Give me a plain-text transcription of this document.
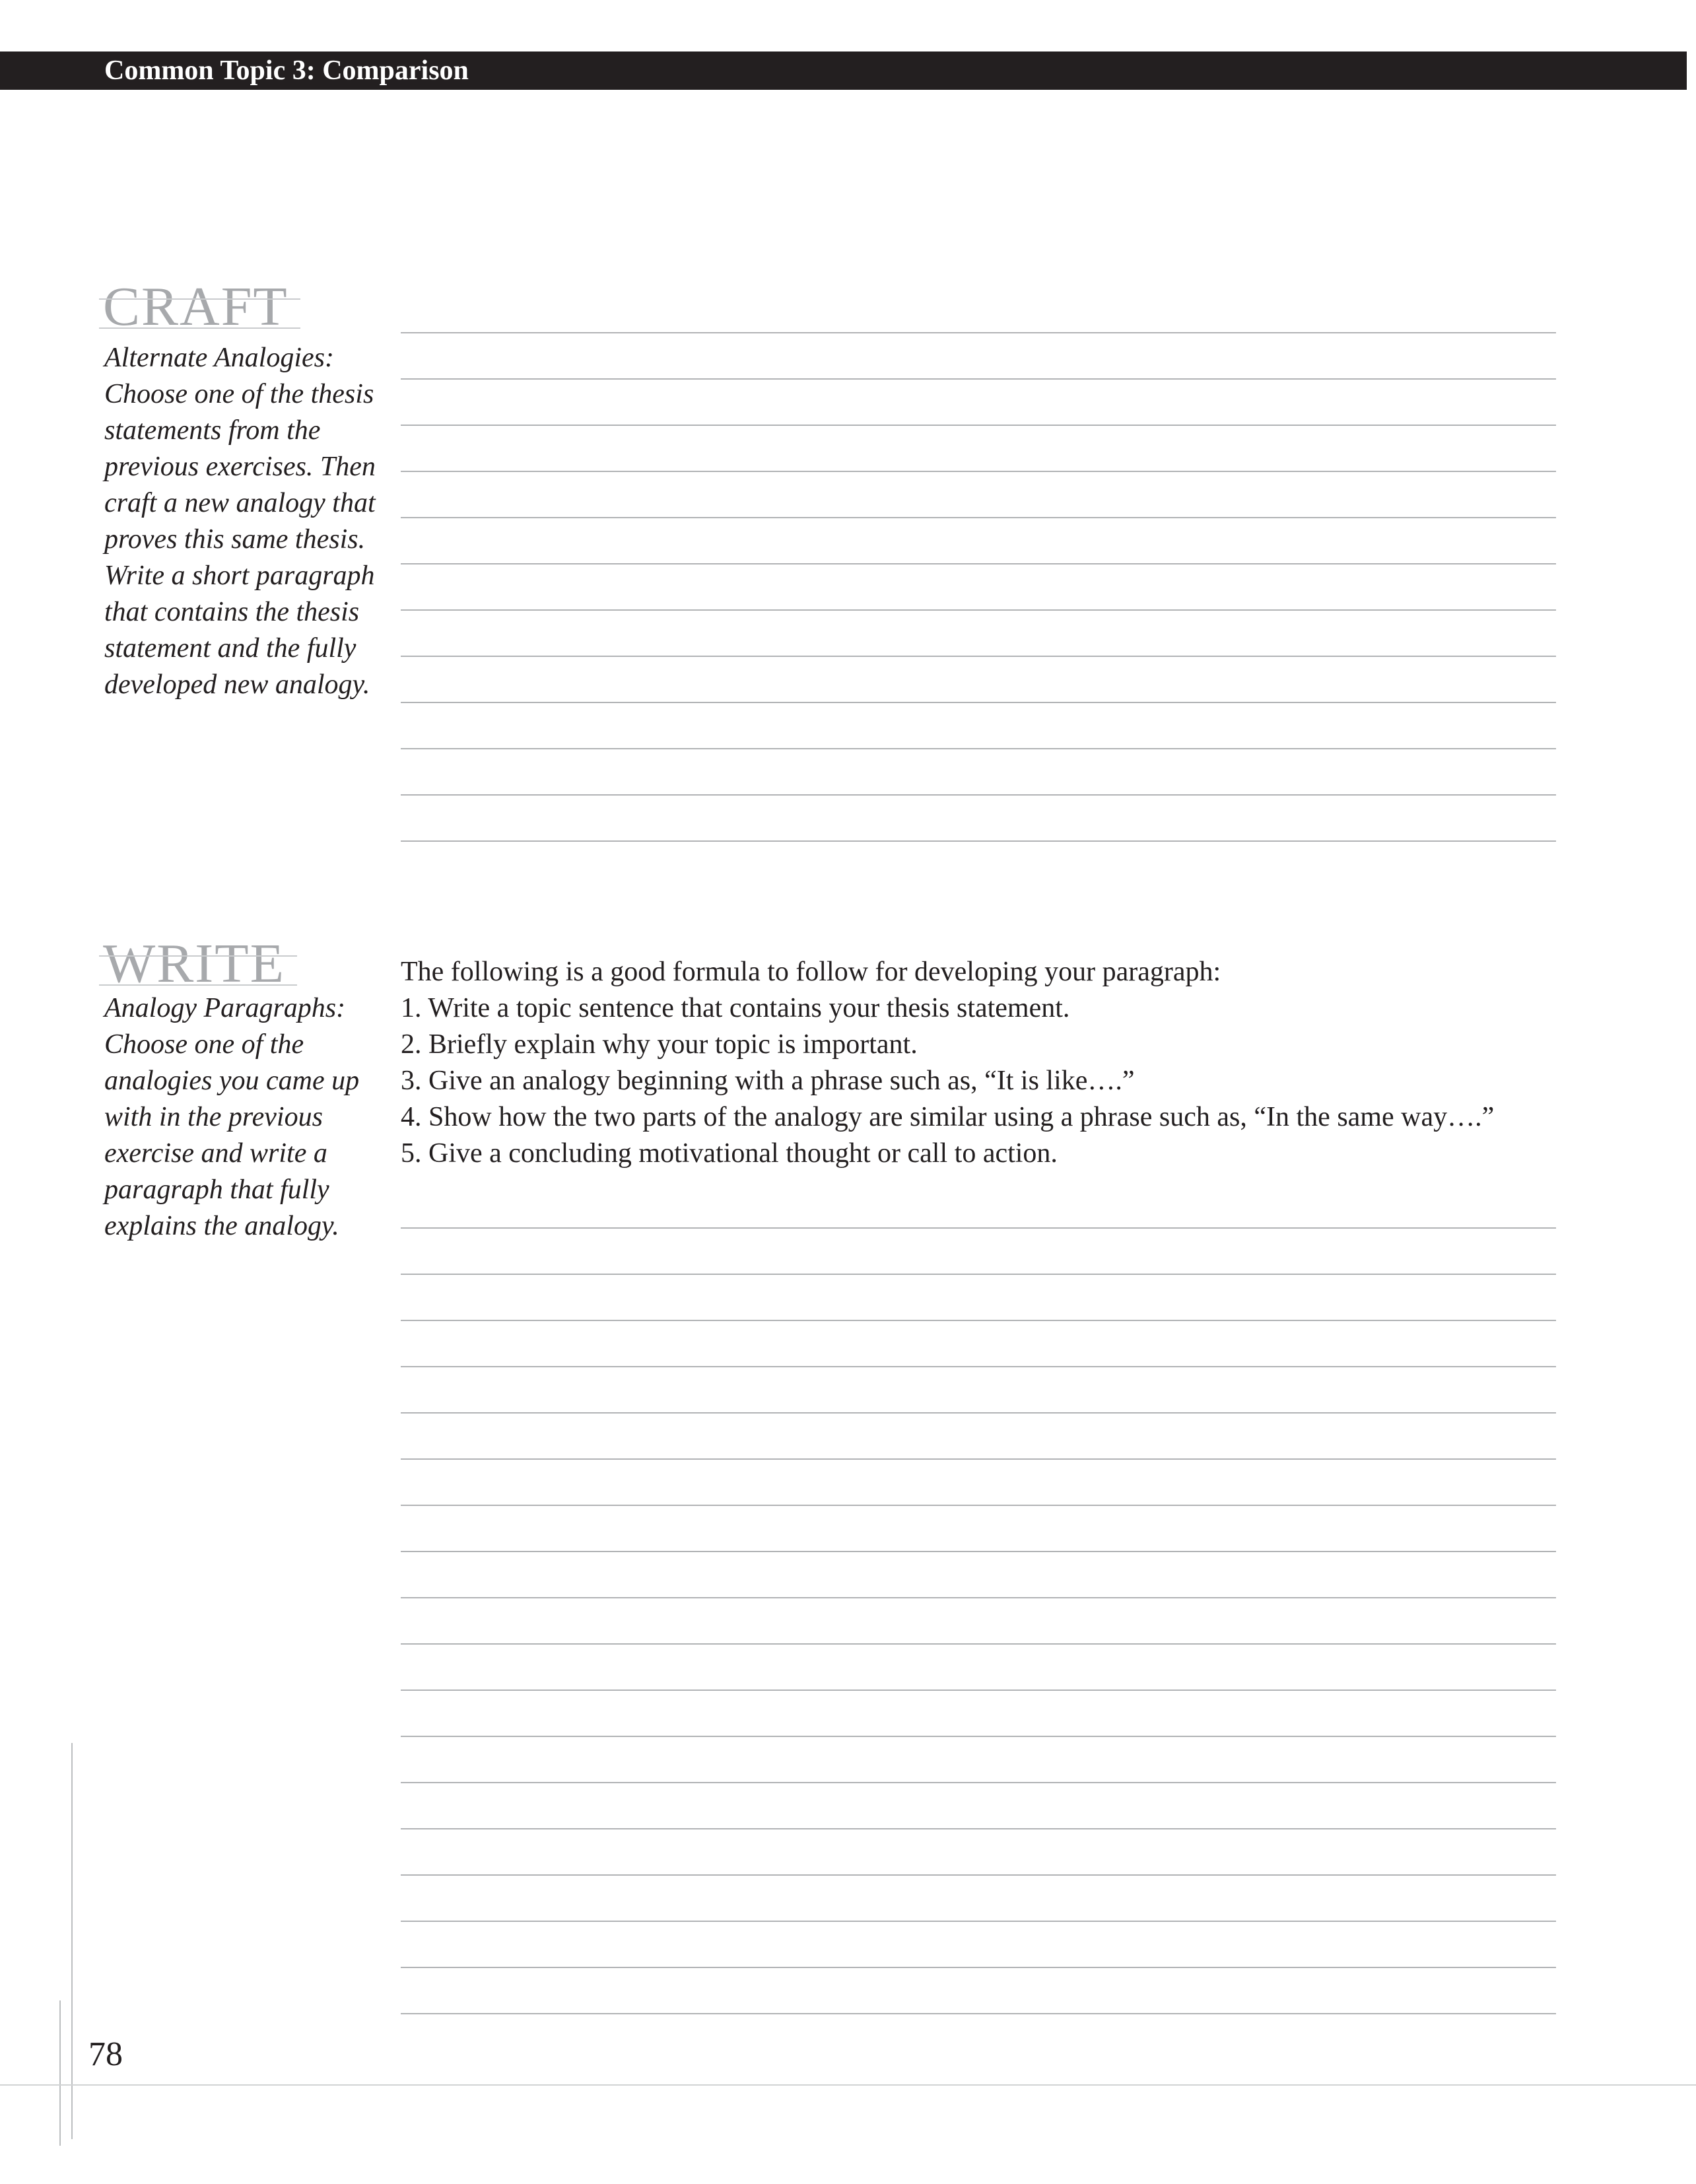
Common Topic 3: Comparison
CRAFT

Alternate Analogies: Choose one of the thesis statements from the previous exercises. Then craft a new analogy that proves this same thesis. Write a short paragraph that contains the thesis statement and the fully developed new analogy.

WRITE

Analogy Paragraphs: Choose one of the analogies you came up with in the previous exercise and write a paragraph that fully explains the analogy.

The following is a good formula to follow for developing your paragraph:
1. Write a topic sentence that contains your thesis statement.
2. Briefly explain why your topic is important.
3. Give an analogy beginning with a phrase such as, “It is like….”
4. Show how the two parts of the analogy are similar using a phrase such as, “In the same way….”
5. Give a concluding motivational thought or call to action.
78
